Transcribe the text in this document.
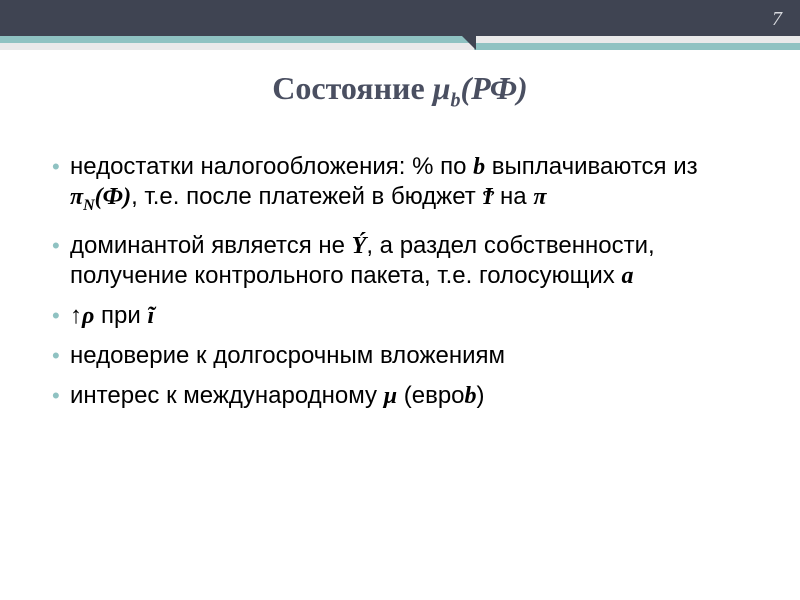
7
Состояние $\mu_b(РФ)$
• недостатки налогообложения: % по b выплачиваются из $\pi_N(Ф)$, т.е. после платежей в бюджет Ϯ на π
• доминантой является не Ý, а раздел собственности, получение контрольного пакета, т.е. голосующих a
• ↑ρ при ĩ
• недоверие к долгосрочным вложениям
• интерес к международному μ (евроb)
